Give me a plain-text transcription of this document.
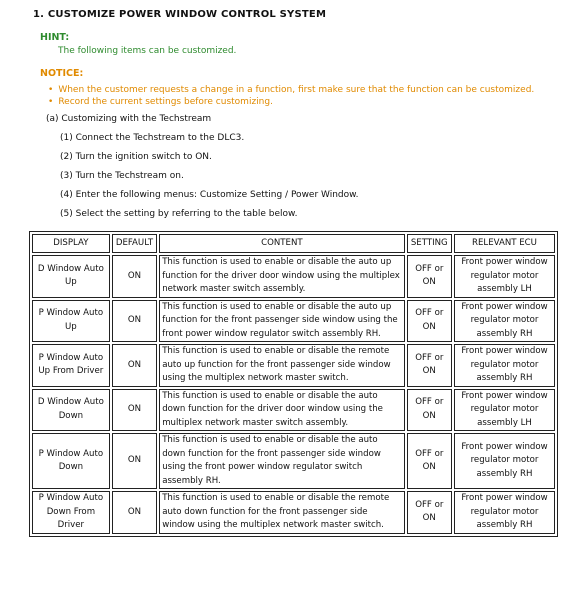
1. CUSTOMIZE POWER WINDOW CONTROL SYSTEM
HINT:
The following items can be customized.
NOTICE:
• When the customer requests a change in a function, first make sure that the function can be customized.
• Record the current settings before customizing.
(a) Customizing with the Techstream
(1) Connect the Techstream to the DLC3.
(2) Turn the ignition switch to ON.
(3) Turn the Techstream on.
(4) Enter the following menus: Customize Setting / Power Window.
(5) Select the setting by referring to the table below.
DISPLAY	DEFAULT	CONTENT	SETTING	RELEVANT ECU
D Window Auto Up	ON	This function is used to enable or disable the auto up function for the driver door window using the multiplex network master switch assembly.	OFF or ON	Front power window regulator motor assembly LH
P Window Auto Up	ON	This function is used to enable or disable the auto up function for the front passenger side window using the front power window regulator switch assembly RH.	OFF or ON	Front power window regulator motor assembly RH
P Window Auto Up From Driver	ON	This function is used to enable or disable the remote auto up function for the front passenger side window using the multiplex network master switch.	OFF or ON	Front power window regulator motor assembly RH
D Window Auto Down	ON	This function is used to enable or disable the auto down function for the driver door window using the multiplex network master switch assembly.	OFF or ON	Front power window regulator motor assembly LH
P Window Auto Down	ON	This function is used to enable or disable the auto down function for the front passenger side window using the front power window regulator switch assembly RH.	OFF or ON	Front power window regulator motor assembly RH
P Window Auto Down From Driver	ON	This function is used to enable or disable the remote auto down function for the front passenger side window using the multiplex network master switch.	OFF or ON	Front power window regulator motor assembly RH
